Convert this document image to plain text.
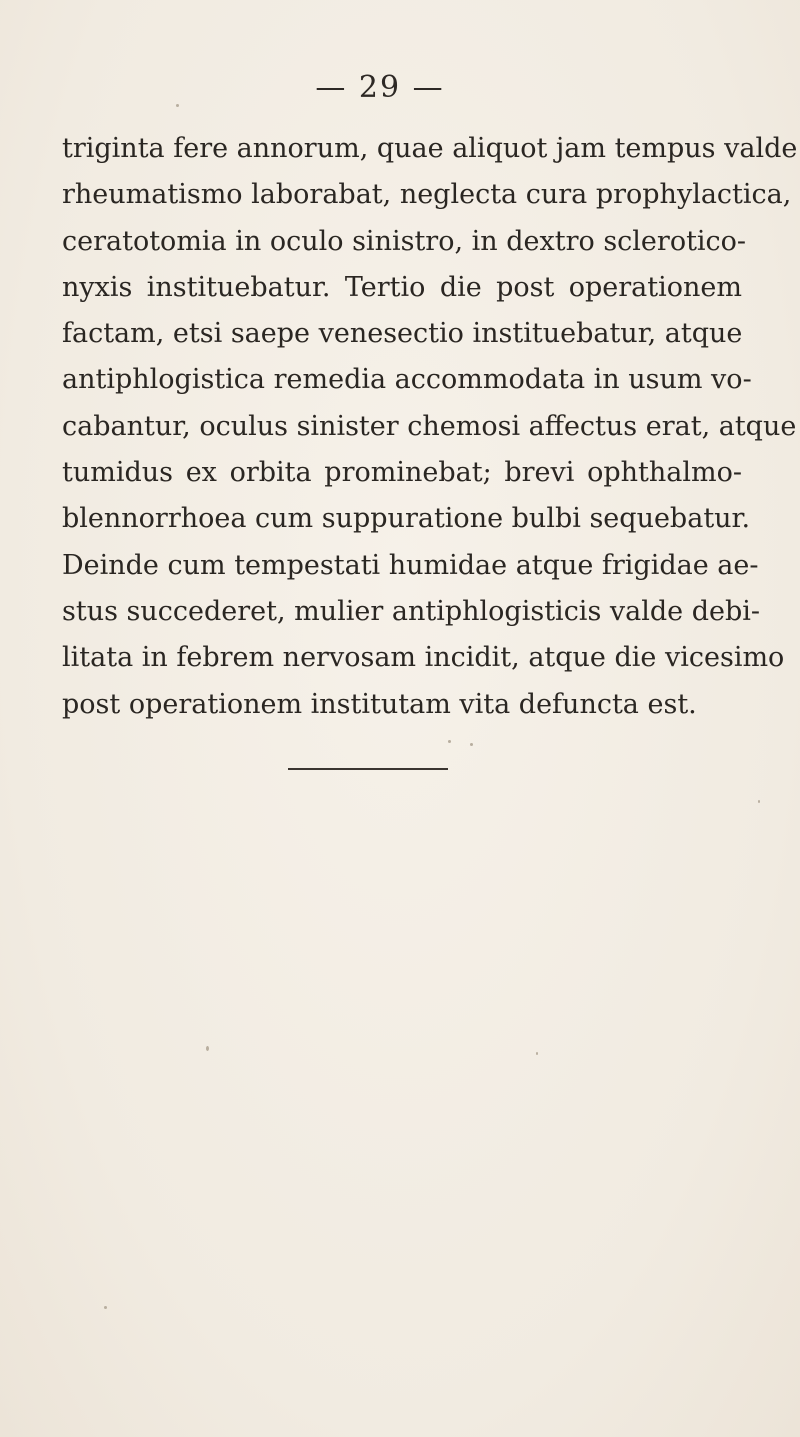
— 29 —
triginta fere annorum, quae aliquot jam tempus valde
rheumatismo laborabat, neglecta cura prophylactica,
ceratotomia in oculo sinistro, in dextro sclerotico-
nyxis instituebatur. Tertio die post operationem
factam, etsi saepe venesectio instituebatur, atque
antiphlogistica remedia accommodata in usum vo-
cabantur, oculus sinister chemosi affectus erat, atque
tumidus ex orbita prominebat; brevi ophthalmo-
blennorrhoea cum suppuratione bulbi sequebatur.
Deinde cum tempestati humidae atque frigidae ae-
stus succederet, mulier antiphlogisticis valde debi-
litata in febrem nervosam incidit, atque die vicesimo
post operationem institutam vita defuncta est.
